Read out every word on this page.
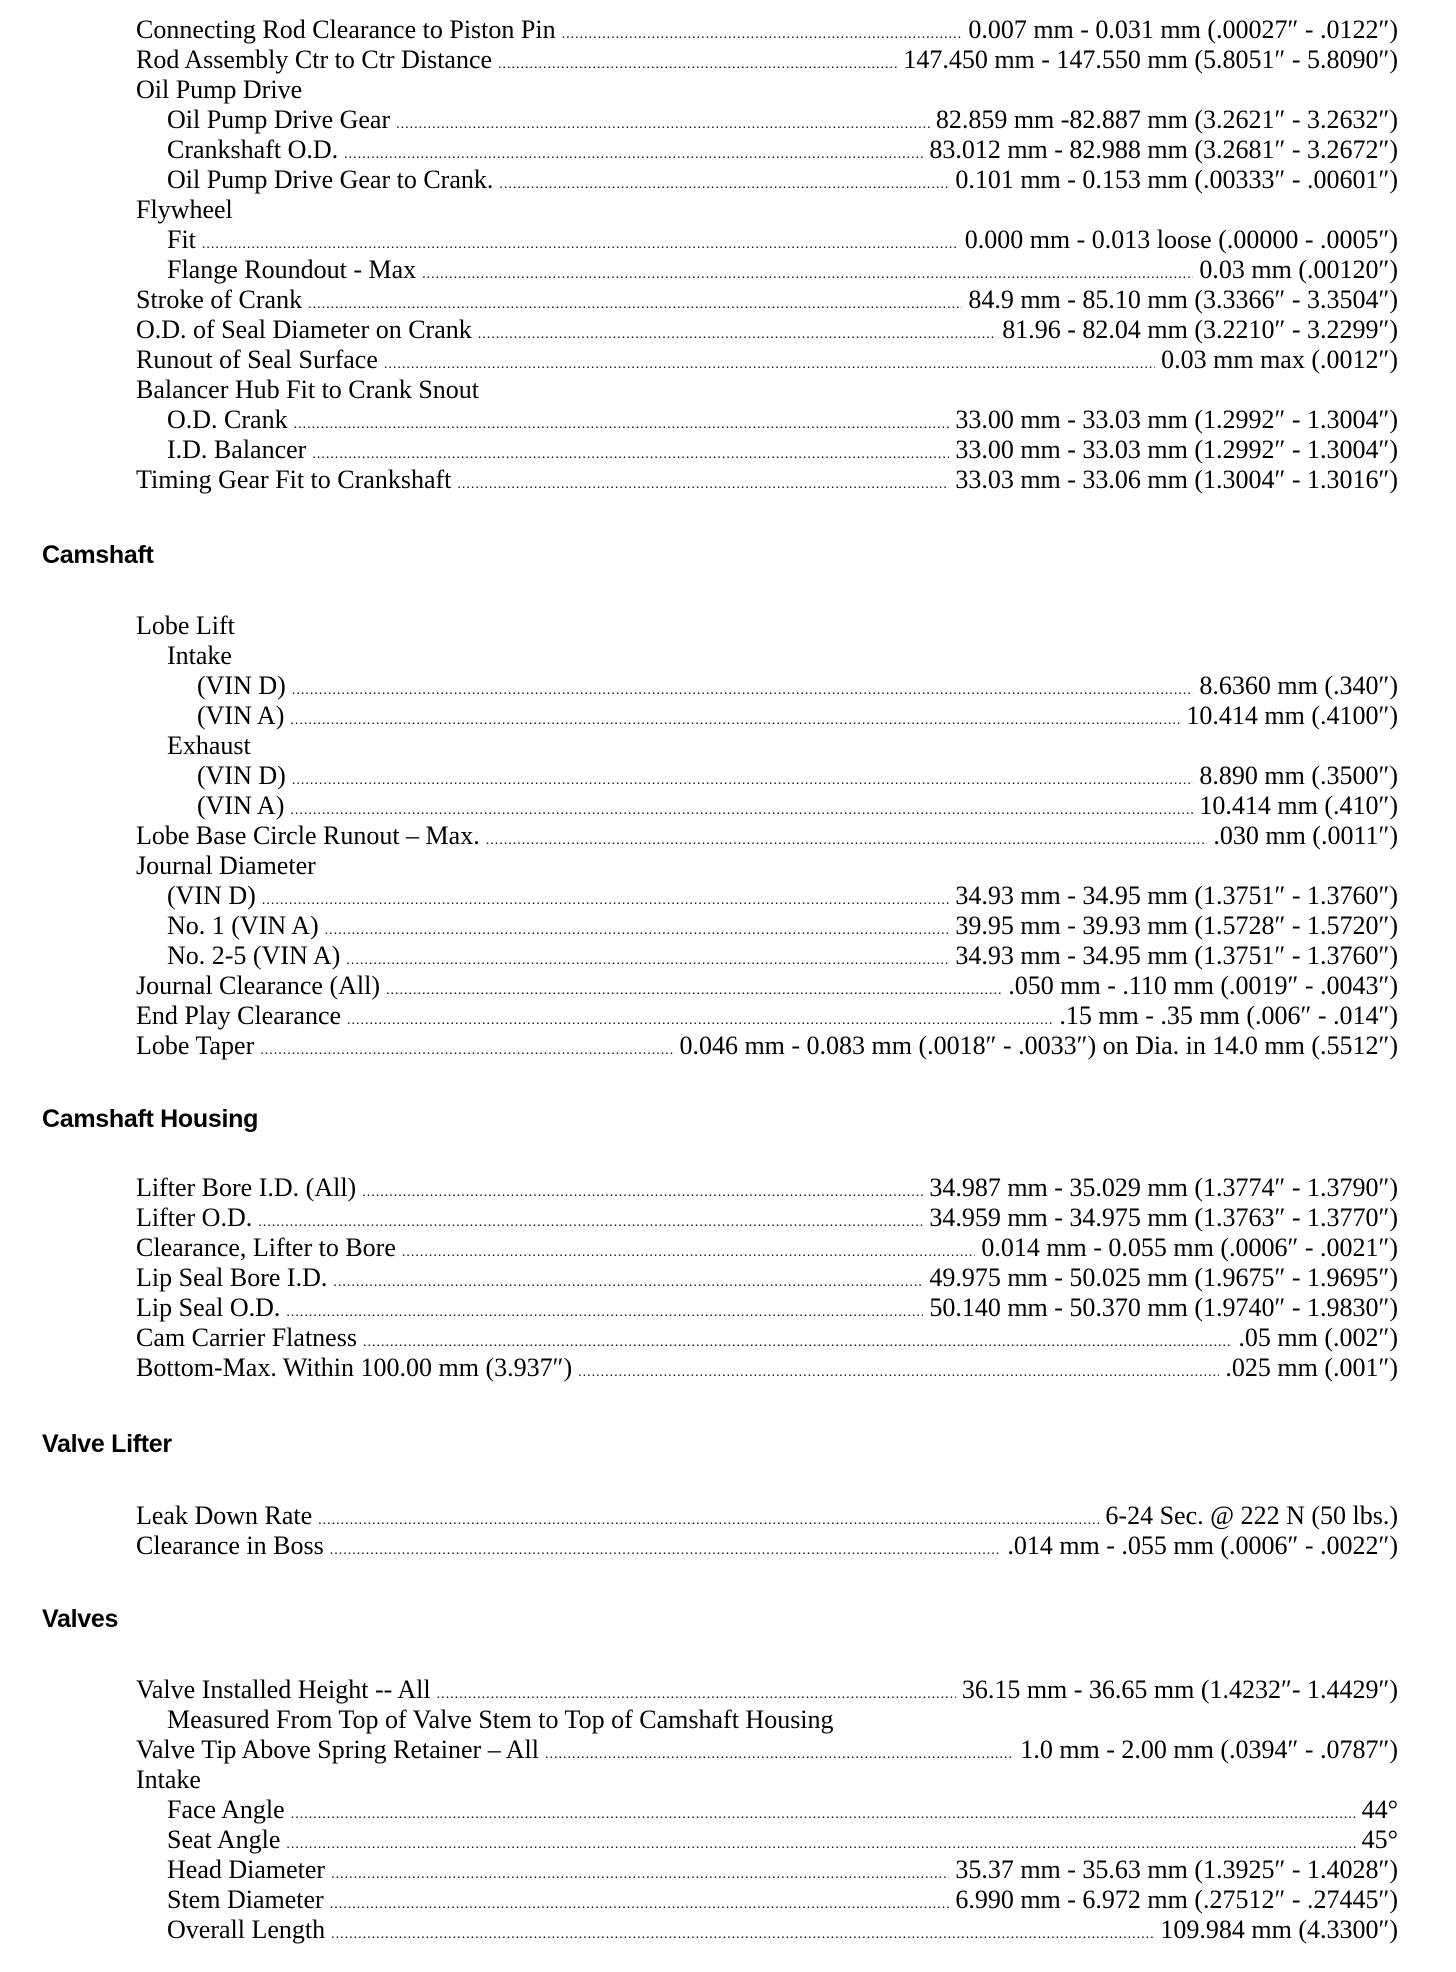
Connecting Rod Clearance to Piston Pin .....	0.007 mm - 0.031 mm (.00027″ - .0122″)
Rod Assembly Ctr to Ctr Distance .....	147.450 mm - 147.550 mm (5.8051″ - 5.8090″)
Oil Pump Drive
Oil Pump Drive Gear .....	82.859 mm -82.887 mm (3.2621″ - 3.2632″)
Crankshaft O.D. .....	83.012 mm - 82.988 mm (3.2681″ - 3.2672″)
Oil Pump Drive Gear to Crank. .....	0.101 mm - 0.153 mm (.00333″ - .00601″)
Flywheel
Fit .....	0.000 mm - 0.013 loose (.00000 - .0005″)
Flange Roundout - Max .....	0.03 mm (.00120″)
Stroke of Crank .....	84.9 mm - 85.10 mm (3.3366″ - 3.3504″)
O.D. of Seal Diameter on Crank .....	81.96 - 82.04 mm (3.2210″ - 3.2299″)
Runout of Seal Surface .....	0.03 mm max (.0012″)
Balancer Hub Fit to Crank Snout
O.D. Crank .....	33.00 mm - 33.03 mm (1.2992″ - 1.3004″)
I.D. Balancer .....	33.00 mm - 33.03 mm (1.2992″ - 1.3004″)
Timing Gear Fit to Crankshaft .....	33.03 mm - 33.06 mm (1.3004″ - 1.3016″)
Camshaft
Lobe Lift
Intake
(VIN D) .....	8.6360 mm (.340″)
(VIN A) .....	10.414 mm (.4100″)
Exhaust
(VIN D) .....	8.890 mm (.3500″)
(VIN A) .....	10.414 mm (.410″)
Lobe Base Circle Runout – Max. .....	.030 mm (.0011″)
Journal Diameter
(VIN D) .....	34.93 mm - 34.95 mm (1.3751″ - 1.3760″)
No. 1 (VIN A) .....	39.95 mm - 39.93 mm (1.5728″ - 1.5720″)
No. 2-5 (VIN A) .....	34.93 mm - 34.95 mm (1.3751″ - 1.3760″)
Journal Clearance (All) .....	.050 mm - .110 mm (.0019″ - .0043″)
End Play Clearance .....	.15 mm - .35 mm (.006″ - .014″)
Lobe Taper .....	0.046 mm - 0.083 mm (.0018″ - .0033″) on Dia. in 14.0 mm (.5512″)
Camshaft Housing
Lifter Bore I.D. (All) .....	34.987 mm - 35.029 mm (1.3774″ - 1.3790″)
Lifter O.D. .....	34.959 mm - 34.975 mm (1.3763″ - 1.3770″)
Clearance, Lifter to Bore .....	0.014 mm - 0.055 mm (.0006″ - .0021″)
Lip Seal Bore I.D. .....	49.975 mm - 50.025 mm (1.9675″ - 1.9695″)
Lip Seal O.D. .....	50.140 mm - 50.370 mm (1.9740″ - 1.9830″)
Cam Carrier Flatness .....	.05 mm (.002″)
Bottom-Max. Within 100.00 mm (3.937″) .....	.025 mm (.001″)
Valve Lifter
Leak Down Rate .....	6-24 Sec. @ 222 N (50 lbs.)
Clearance in Boss .....	.014 mm - .055 mm (.0006″ - .0022″)
Valves
Valve Installed Height -- All .....	36.15 mm - 36.65 mm (1.4232″- 1.4429″)
Measured From Top of Valve Stem to Top of Camshaft Housing
Valve Tip Above Spring Retainer – All .....	1.0 mm - 2.00 mm (.0394″ - .0787″)
Intake
Face Angle .....	44°
Seat Angle .....	45°
Head Diameter .....	35.37 mm - 35.63 mm (1.3925″ - 1.4028″)
Stem Diameter .....	6.990 mm - 6.972 mm (.27512″ - .27445″)
Overall Length .....	109.984 mm (4.3300″)
